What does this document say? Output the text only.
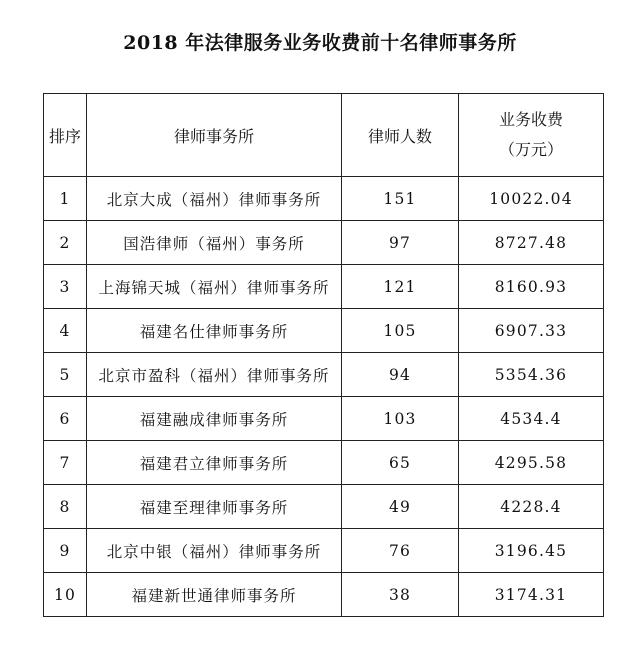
2018 年法律服务业务收费前十名律师事务所
排序	律师事务所	律师人数	业务收费
（万元）

1	北京大成（福州）律师事务所	151	10022.04
2	国浩律师（福州）事务所	97	8727.48
3	上海锦天城（福州）律师事务所	121	8160.93
4	福建名仕律师事务所	105	6907.33
5	北京市盈科（福州）律师事务所	94	5354.36
6	福建融成律师事务所	103	4534.4
7	福建君立律师事务所	65	4295.58
8	福建至理律师事务所	49	4228.4
9	北京中银（福州）律师事务所	76	3196.45
10	福建新世通律师事务所	38	3174.31
